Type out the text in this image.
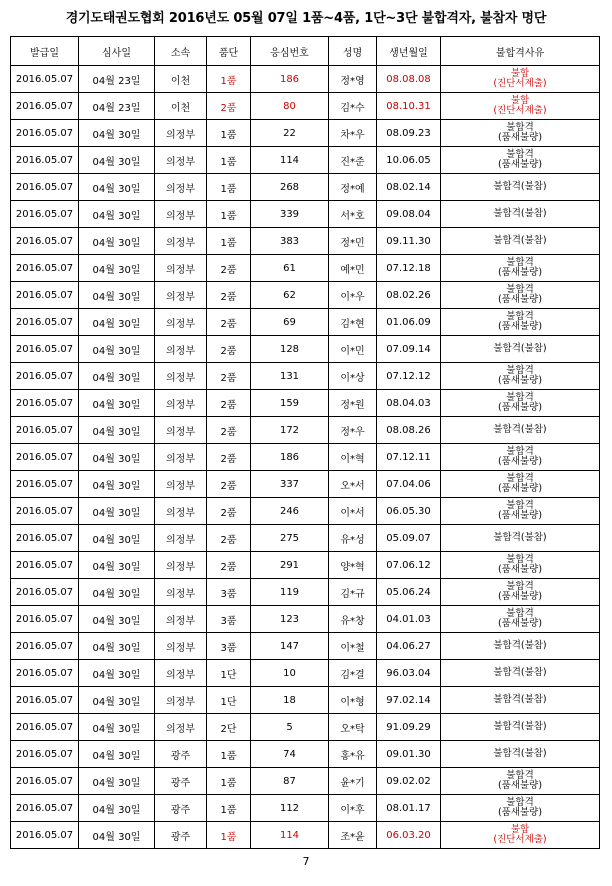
경기도태권도협회 2016년도 05월 07일 1품~4품, 1단~3단 불합격자, 불참자 명단
발급일	심사일	소속	품단	응심번호	성명	생년월일	불합격사유
2016.05.07	04월 23일	이천	1품	186	정*영	08.08.08	불합
(진단서제출)

2016.05.07	04월 23일	이천	2품	80	김*수	08.10.31	불합
(진단서제출)

2016.05.07	04월 30일	의정부	1품	22	차*우	08.09.23	불합격
(품새불량)

2016.05.07	04월 30일	의정부	1품	114	진*준	10.06.05	불합격
(품새불량)

2016.05.07	04월 30일	의정부	1품	268	정*예	08.02.14	불합격(불참)

2016.05.07	04월 30일	의정부	1품	339	서*호	09.08.04	불합격(불참)

2016.05.07	04월 30일	의정부	1품	383	정*민	09.11.30	불합격(불참)

2016.05.07	04월 30일	의정부	2품	61	예*민	07.12.18	불합격
(품새불량)

2016.05.07	04월 30일	의정부	2품	62	이*우	08.02.26	불합격
(품새불량)

2016.05.07	04월 30일	의정부	2품	69	김*현	01.06.09	불합격
(품새불량)

2016.05.07	04월 30일	의정부	2품	128	이*민	07.09.14	불합격(불참)

2016.05.07	04월 30일	의정부	2품	131	이*상	07.12.12	불합격
(품새불량)

2016.05.07	04월 30일	의정부	2품	159	정*원	08.04.03	불합격
(품새불량)

2016.05.07	04월 30일	의정부	2품	172	정*우	08.08.26	불합격(불참)

2016.05.07	04월 30일	의정부	2품	186	이*혁	07.12.11	불합격
(품새불량)

2016.05.07	04월 30일	의정부	2품	337	오*서	07.04.06	불합격
(품새불량)

2016.05.07	04월 30일	의정부	2품	246	이*서	06.05.30	불합격
(품새불량)

2016.05.07	04월 30일	의정부	2품	275	유*성	05.09.07	불합격(불참)

2016.05.07	04월 30일	의정부	2품	291	양*혁	07.06.12	불합격
(품새불량)

2016.05.07	04월 30일	의정부	3품	119	김*규	05.06.24	불합격
(품새불량)

2016.05.07	04월 30일	의정부	3품	123	유*창	04.01.03	불합격
(품새불량)

2016.05.07	04월 30일	의정부	3품	147	이*철	04.06.27	불합격(불참)

2016.05.07	04월 30일	의정부	1단	10	김*결	96.03.04	불합격(불참)

2016.05.07	04월 30일	의정부	1단	18	이*형	97.02.14	불합격(불참)

2016.05.07	04월 30일	의정부	2단	5	오*탁	91.09.29	불합격(불참)

2016.05.07	04월 30일	광주	1품	74	홍*유	09.01.30	불합격(불참)

2016.05.07	04월 30일	광주	1품	87	윤*기	09.02.02	불합격
(품새불량)

2016.05.07	04월 30일	광주	1품	112	이*후	08.01.17	불합격
(품새불량)

2016.05.07	04월 30일	광주	1품	114	조*윤	06.03.20	불합
(진단서제출)
7
